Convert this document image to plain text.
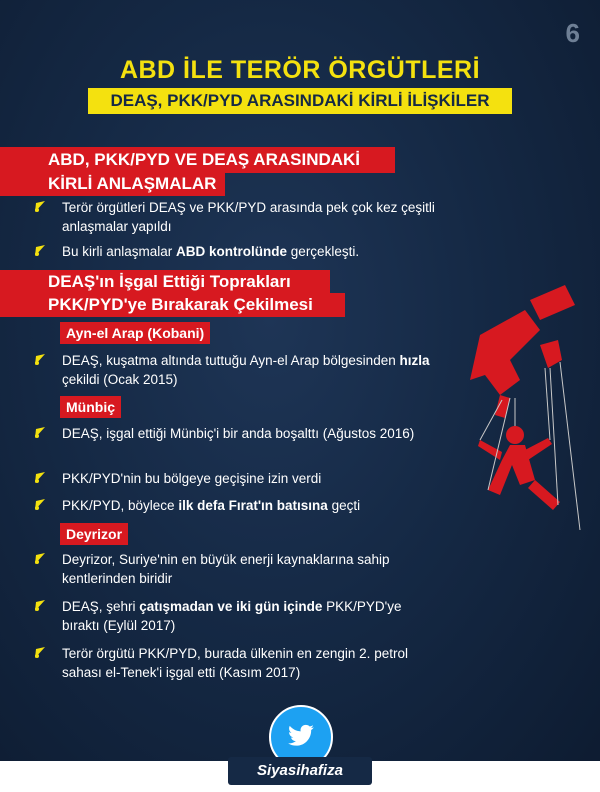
6
ABD İLE TERÖR ÖRGÜTLERİ
DEAŞ, PKK/PYD ARASINDAKİ KİRLİ İLİŞKİLER
ABD, PKK/PYD VE DEAŞ ARASINDAKİ
KİRLİ ANLAŞMALAR
Terör örgütleri DEAŞ ve PKK/PYD arasında pek çok kez çeşitli anlaşmalar yapıldı
Bu kirli anlaşmalar ABD kontrolünde gerçekleşti.
DEAŞ'ın İşgal Ettiği Toprakları
PKK/PYD'ye Bırakarak Çekilmesi
Ayn-el Arap (Kobani)
DEAŞ, kuşatma altında tuttuğu Ayn-el Arap bölgesinden hızla çekildi (Ocak 2015)
Münbiç
DEAŞ, işgal ettiği Münbiç'i bir anda boşalttı (Ağustos 2016)
PKK/PYD'nin bu bölgeye geçişine izin verdi
PKK/PYD, böylece ilk defa Fırat'ın batısına geçti
Deyrizor
Deyrizor, Suriye'nin en büyük enerji kaynaklarına sahip kentlerinden biridir
DEAŞ, şehri çatışmadan ve iki gün içinde PKK/PYD'ye bıraktı (Eylül 2017)
Terör örgütü PKK/PYD, burada ülkenin en zengin 2. petrol sahası el-Tenek'i işgal etti (Kasım 2017)
Siyasihafiza
